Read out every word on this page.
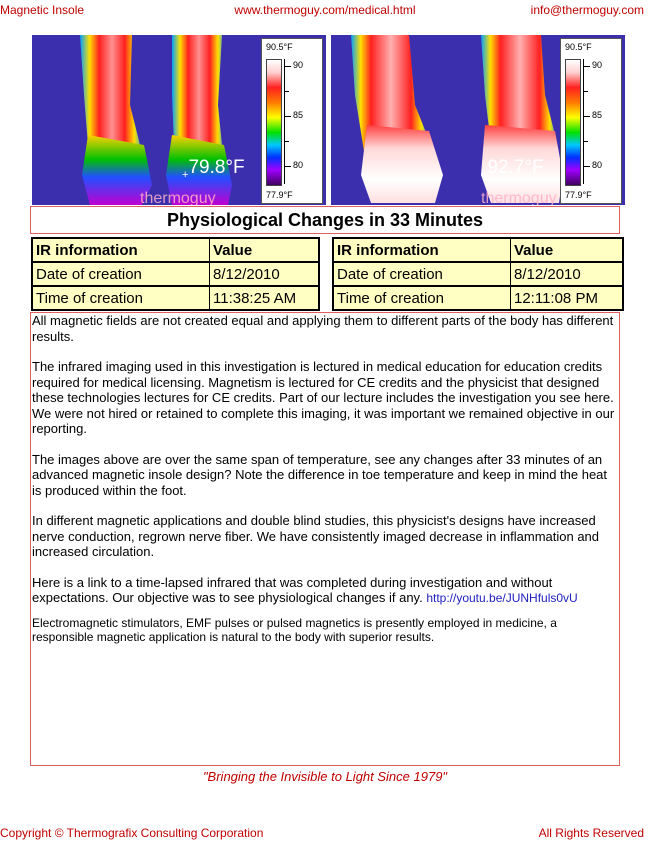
Magnetic Insole	www.thermoguy.com/medical.html	info@thermoguy.com
$_+$79.8°F
thermoguy
90.5°F
90
85
80
77.9°F
$_+$92.7°F
thermoguy
90.5°F
90
85
80
77.9°F
Physiological Changes in 33 Minutes
IR information	Value
Date of creation	8/12/2010
Time of creation	11:38:25 AM
IR information	Value
Date of creation	8/12/2010
Time of creation	12:11:08 PM

All magnetic fields are not created equal and applying them to different parts of the body has different results.

The infrared imaging used in this investigation is lectured in medical education for education credits required for medical licensing. Magnetism is lectured for CE credits and the physicist that designed these technologies lectures for CE credits. Part of our lecture includes the investigation you see here. We were not hired or retained to complete this imaging, it was important we remained objective in our reporting.

The images above are over the same span of temperature, see any changes after 33 minutes of an advanced magnetic insole design? Note the difference in toe temperature and keep in mind the heat is produced within the foot.

In different magnetic applications and double blind studies, this physicist's designs have increased nerve conduction, regrown nerve fiber. We have consistently imaged decrease in inflammation and increased circulation.

Here is a link to a time-lapsed infrared that was completed during investigation and without expectations. Our objective was to see physiological changes if any. http://youtu.be/JUNHfuls0vU

Electromagnetic stimulators, EMF pulses or pulsed magnetics is presently employed in medicine, a responsible magnetic application is natural to the body with superior results.

"Bringing the Invisible to Light Since 1979"
Copyright © Thermografix Consulting Corporation	All Rights Reserved
